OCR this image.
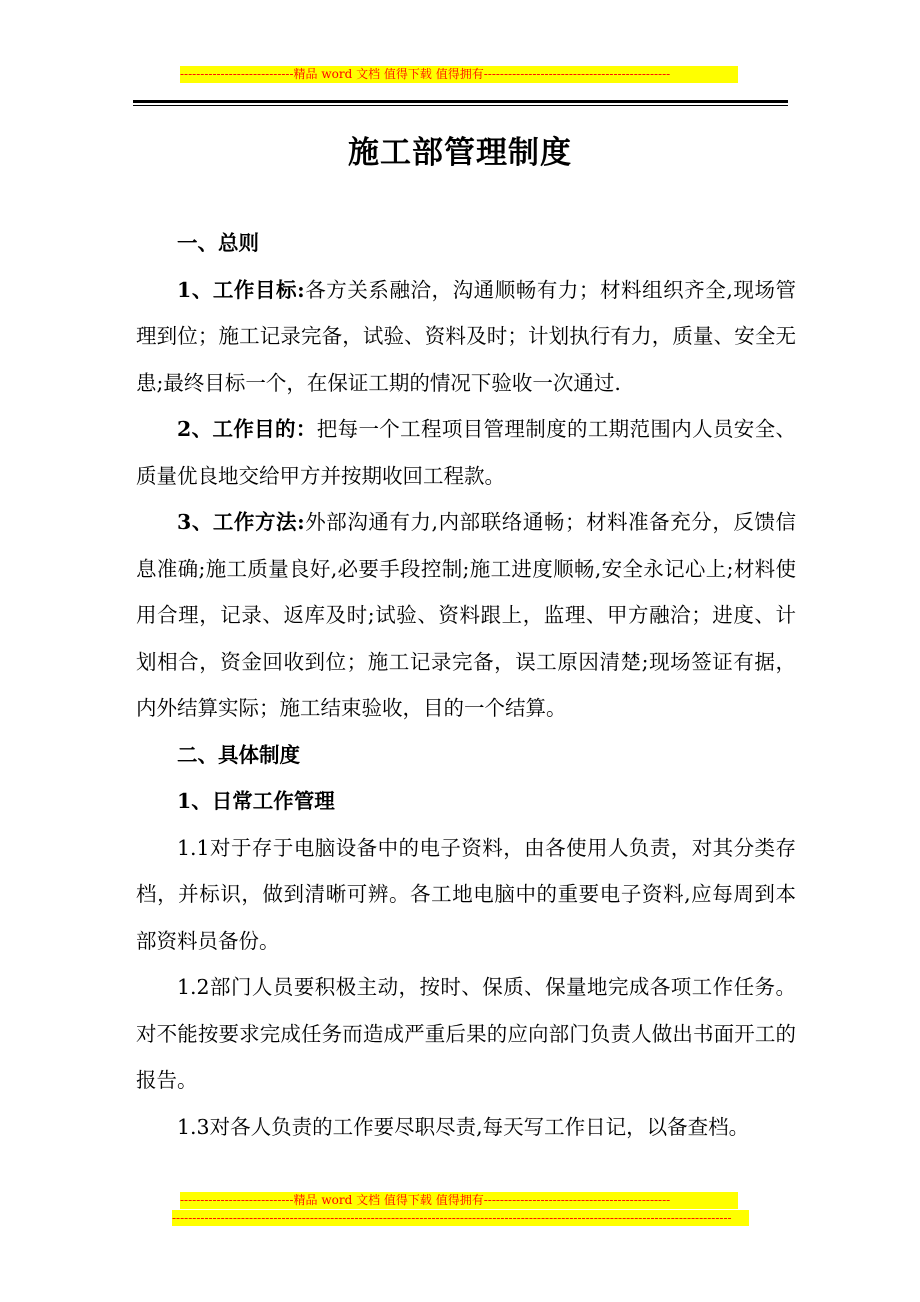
----------------------------精品 word 文档 值得下载 值得拥有----------------------------------------------
施工部管理制度

一、总则

1、工作目标:各方关系融洽，沟通顺畅有力；材料组织齐全,现场管理到位；施工记录完备，试验、资料及时；计划执行有力，质量、安全无患;最终目标一个，在保证工期的情况下验收一次通过.

2、工作目的：把每一个工程项目管理制度的工期范围内人员安全、质量优良地交给甲方并按期收回工程款。

3、工作方法:外部沟通有力,内部联络通畅；材料准备充分，反馈信息准确;施工质量良好,必要手段控制;施工进度顺畅,安全永记心上;材料使用合理，记录、返库及时;试验、资料跟上，监理、甲方融洽；进度、计划相合，资金回收到位；施工记录完备，误工原因清楚;现场签证有据，内外结算实际；施工结束验收，目的一个结算。

二、具体制度

1、日常工作管理

1.1对于存于电脑设备中的电子资料，由各使用人负责，对其分类存档，并标识，做到清晰可辨。各工地电脑中的重要电子资料,应每周到本部资料员备份。

1.2部门人员要积极主动，按时、保质、保量地完成各项工作任务。对不能按要求完成任务而造成严重后果的应向部门负责人做出书面开工的报告。

1.3对各人负责的工作要尽职尽责,每天写工作日记，以备查档。

----------------------------精品 word 文档 值得下载 值得拥有----------------------------------------------
------------------------------------------------------------------------------------------------------------------------------------------
